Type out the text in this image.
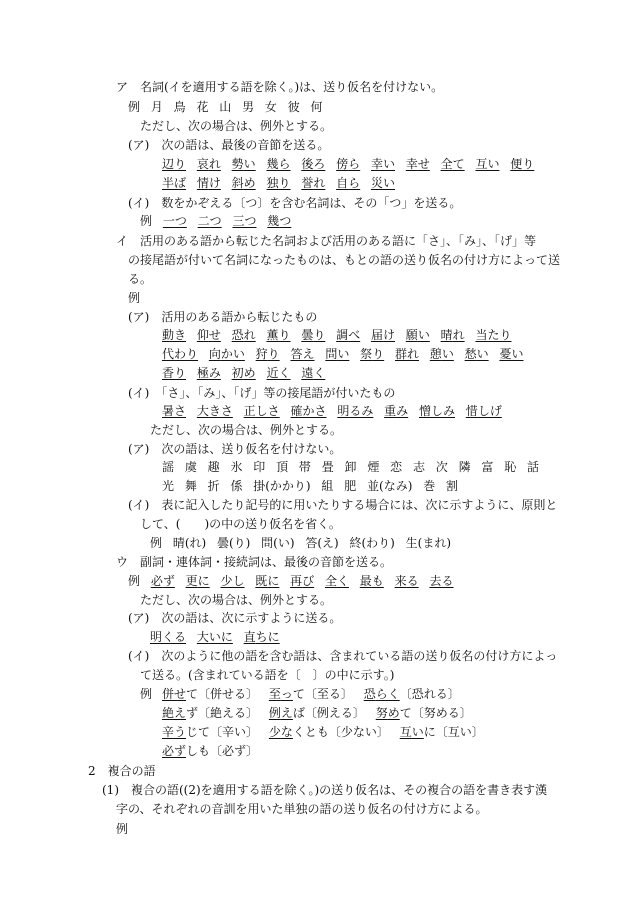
ア　名詞(イを適用する語を除く。)は、送り仮名を付けない。
例 月 鳥 花 山 男 女 彼 何
ただし、次の場合は、例外とする。
(ア)　次の語は、最後の音節を送る。
辺り 哀れ 勢い 幾ら 後ろ 傍ら 幸い 幸せ 全て 互い 便り
半ば 情け 斜め 独り 誉れ 自ら 災い
(イ)　数をかぞえる〔つ〕を含む名詞は、その「つ」を送る。
例 一つ 二つ 三つ 幾つ
イ　活用のある語から転じた名詞および活用のある語に「さ」、「み」、「げ」等
の接尾語が付いて名詞になったものは、もとの語の送り仮名の付け方によって送
る。
例
(ア)　活用のある語から転じたもの
動き 仰せ 恐れ 薫り 曇り 調べ 届け 願い 晴れ 当たり
代わり 向かい 狩り 答え 問い 祭り 群れ 憩い 愁い 憂い
香り 極み 初め 近く 遠く
(イ)　「さ」、「み」、「げ」等の接尾語が付いたもの
暑さ 大きさ 正しさ 確かさ 明るみ 重み 憎しみ 惜しげ
ただし、次の場合は、例外とする。
(ア)　次の語は、送り仮名を付けない。
謡 虞 趣 氷 印 頂 帯 畳 卸 煙 恋 志 次 隣 富 恥 話
光 舞 折 係 掛(かかり) 組 肥 並(なみ) 巻 割
(イ)　表に記入したり記号的に用いたりする場合には、次に示すように、原則と
して、(　　)の中の送り仮名を省く。
例 晴(れ) 曇(り) 問(い) 答(え) 終(わり) 生(まれ)
ウ　副詞・連体詞・接続詞は、最後の音節を送る。
例 必ず 更に 少し 既に 再び 全く 最も 来る 去る
ただし、次の場合は、例外とする。
(ア)　次の語は、次に示すように送る。
明くる 大いに 直ちに
(イ)　次のように他の語を含む語は、含まれている語の送り仮名の付け方によっ
て送る。(含まれている語を〔　〕の中に示す。)
例 併せて〔併せる〕 至って〔至る〕 恐らく〔恐れる〕
絶えず〔絶える〕 例えば〔例える〕 努めて〔努める〕
辛うじて〔辛い〕 少なくとも〔少ない〕 互いに〔互い〕
必ずしも〔必ず〕
2　複合の語
(1)　複合の語((2)を適用する語を除く。)の送り仮名は、その複合の語を書き表す漢
字の、それぞれの音訓を用いた単独の語の送り仮名の付け方による。
例
